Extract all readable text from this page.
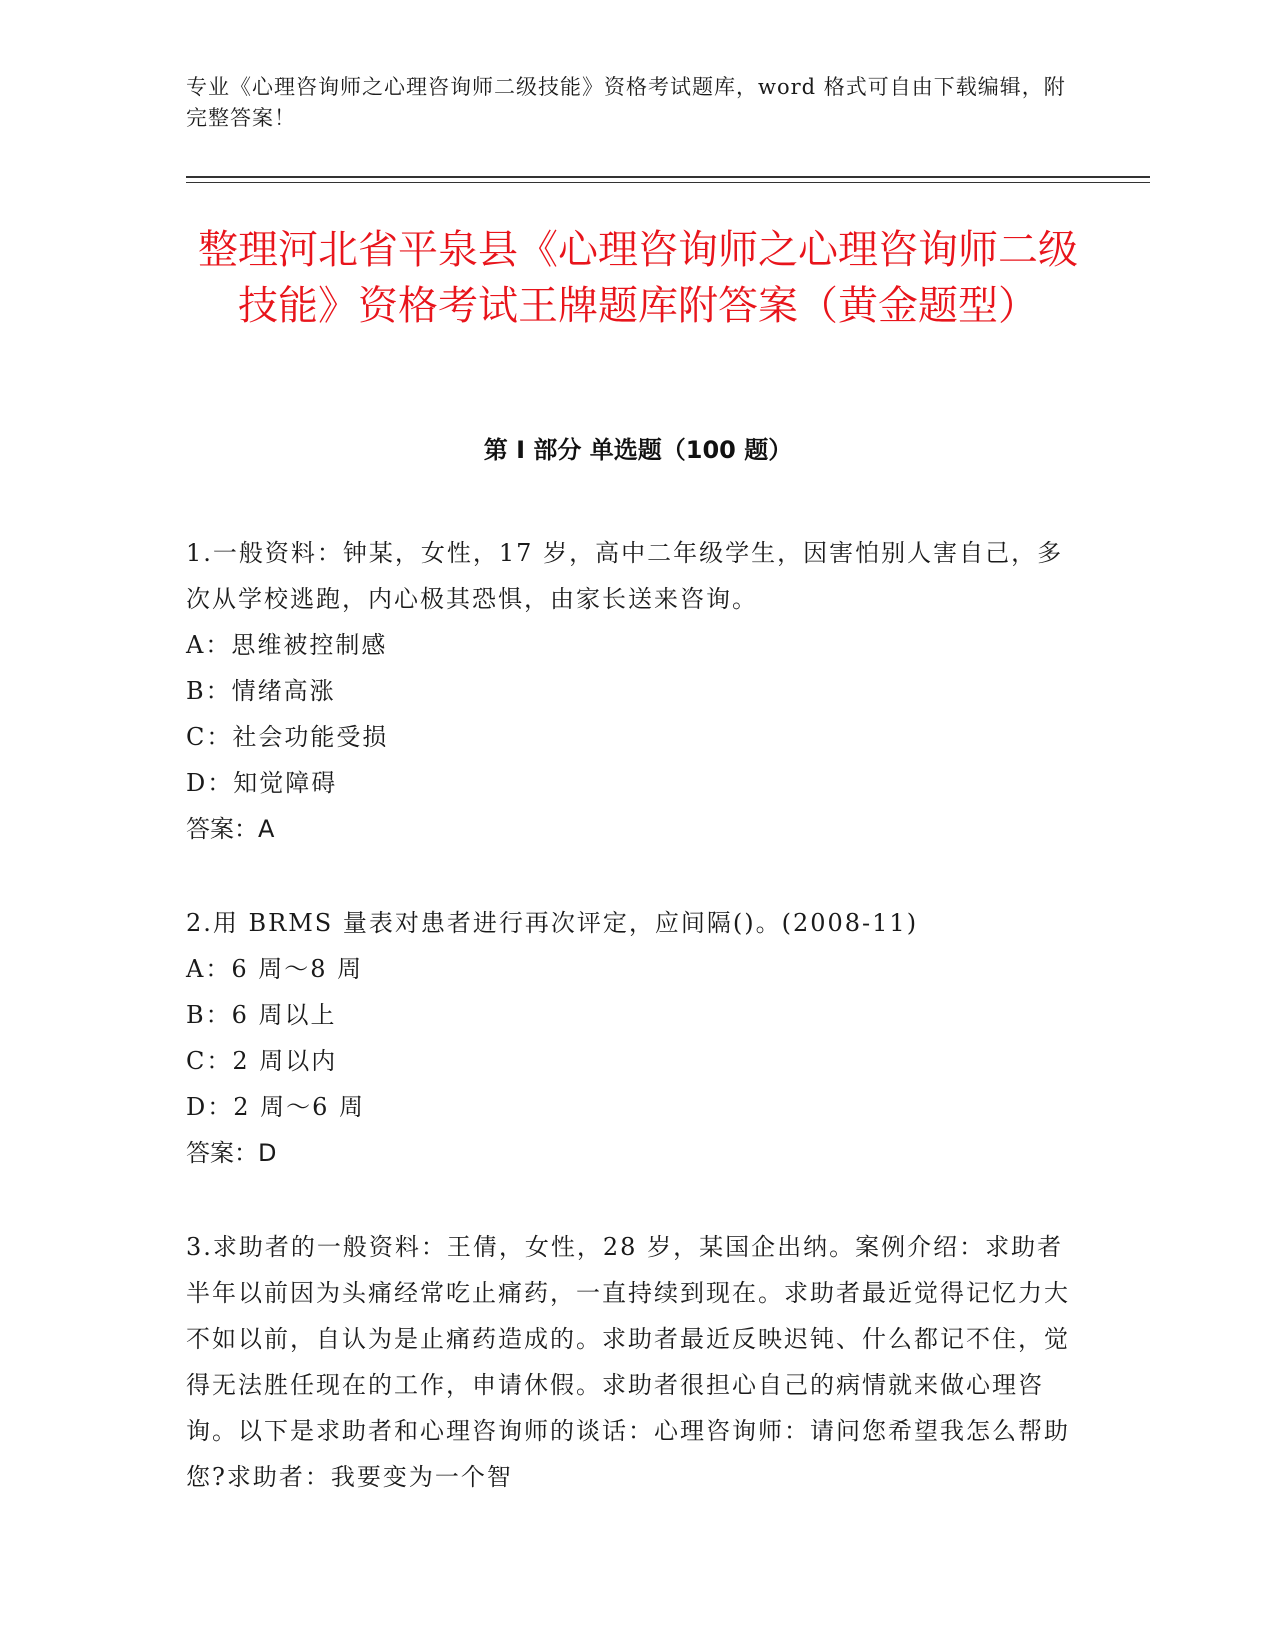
专业《心理咨询师之心理咨询师二级技能》资格考试题库，word 格式可自由下载编辑，附完整答案！
整理河北省平泉县《心理咨询师之心理咨询师二级技能》资格考试王牌题库附答案（黄金题型）
第 I 部分 单选题（100 题）

1.一般资料：钟某，女性，17 岁，高中二年级学生，因害怕别人害自己，多次从学校逃跑，内心极其恐惧，由家长送来咨询。

A：思维被控制感

B：情绪高涨

C：社会功能受损

D：知觉障碍

答案：A

2.用 BRMS 量表对患者进行再次评定，应间隔()。(2008-11)

A：6 周～8 周

B：6 周以上

C：2 周以内

D：2 周～6 周

答案：D

3.求助者的一般资料：王倩，女性，28 岁，某国企出纳。案例介绍：求助者半年以前因为头痛经常吃止痛药，一直持续到现在。求助者最近觉得记忆力大不如以前，自认为是止痛药造成的。求助者最近反映迟钝、什么都记不住，觉得无法胜任现在的工作，申请休假。求助者很担心自己的病情就来做心理咨询。以下是求助者和心理咨询师的谈话：心理咨询师：请问您希望我怎么帮助您?求助者：我要变为一个智
